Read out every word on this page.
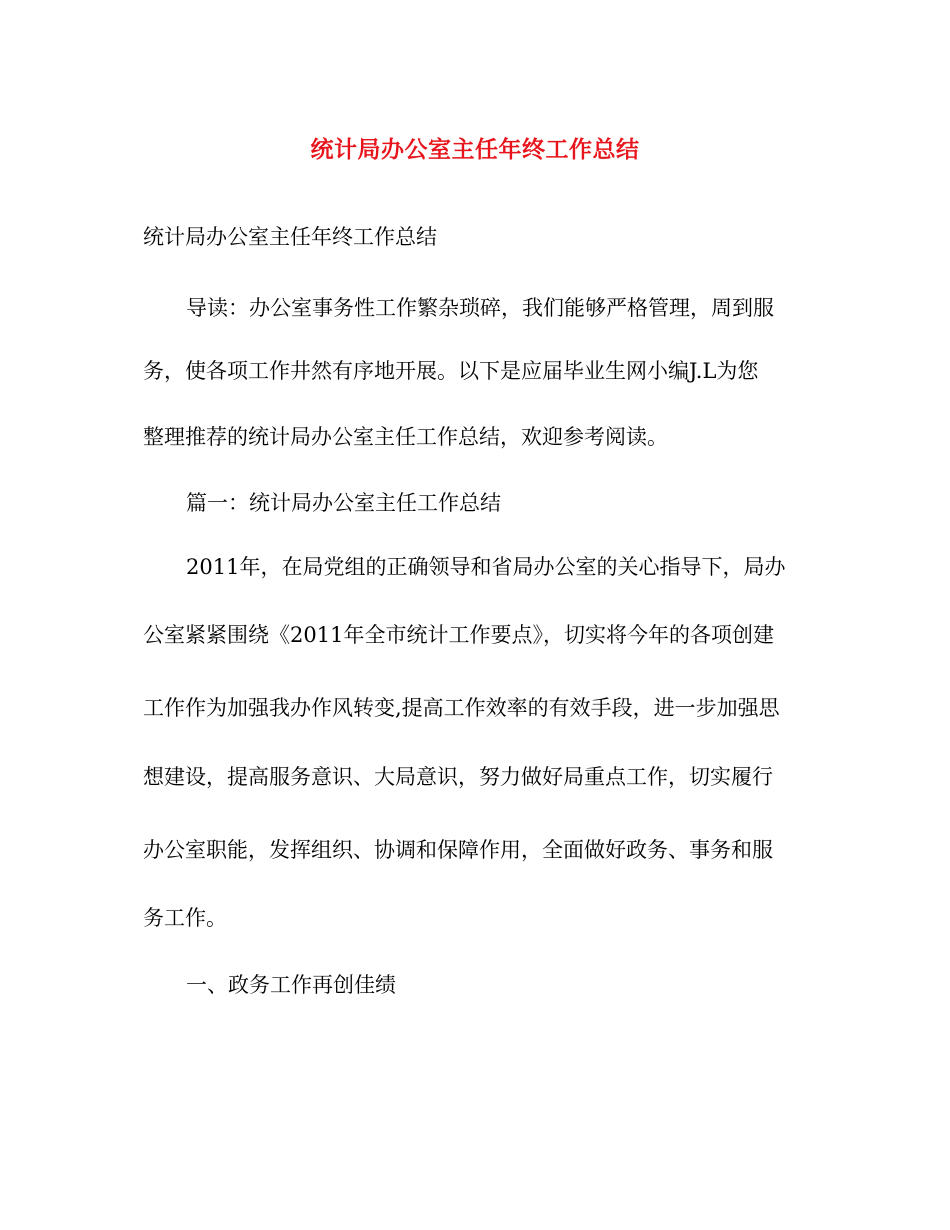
统计局办公室主任年终工作总结
统计局办公室主任年终工作总结
导读：办公室事务性工作繁杂琐碎，我们能够严格管理，周到服
务，使各项工作井然有序地开展。以下是应届毕业生网小编J.L为您
整理推荐的统计局办公室主任工作总结，欢迎参考阅读。
篇一：统计局办公室主任工作总结
2011年，在局党组的正确领导和省局办公室的关心指导下，局办
公室紧紧围绕《2011年全市统计工作要点》，切实将今年的各项创建
工作作为加强我办作风转变,提高工作效率的有效手段，进一步加强思
想建设，提高服务意识、大局意识，努力做好局重点工作，切实履行
办公室职能，发挥组织、协调和保障作用，全面做好政务、事务和服
务工作。
一、政务工作再创佳绩
